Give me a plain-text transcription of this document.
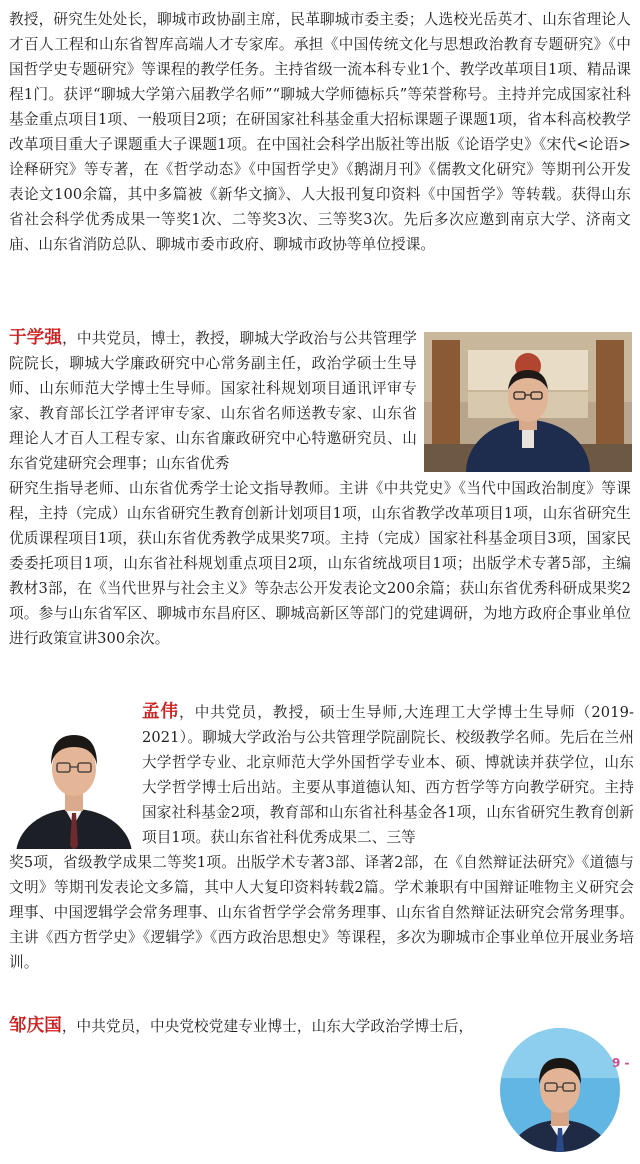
教授，研究生处处长，聊城市政协副主席，民革聊城市委主委；人选校光岳英才、山东省理论人才百人工程和山东省智库高端人才专家库。承担《中国传统文化与思想政治教育专题研究》《中国哲学史专题研究》等课程的教学任务。主持省级一流本科专业1个、教学改革项目1项、精品课程1门。获评“聊城大学第六届教学名师”“聊城大学师德标兵”等荣誉称号。主持并完成国家社科基金重点项目1项、一般项目2项；在研国家社科基金重大招标课题子课题1项，省本科高校教学改革项目重大子课题重大子课题1项。在中国社会科学出版社等出版《论语学史》《宋代<论语>诠释研究》等专著，在《哲学动态》《中国哲学史》《鹅湖月刊》《儒教文化研究》等期刊公开发表论文100余篇，其中多篇被《新华文摘》、人大报刊复印资料《中国哲学》等转载。获得山东省社会科学优秀成果一等奖1次、二等奖3次、三等奖3次。先后多次应邀到南京大学、济南文庙、山东省消防总队、聊城市委市政府、聊城市政协等单位授课。

于学强，中共党员，博士，教授，聊城大学政治与公共管理学院院长，聊城大学廉政研究中心常务副主任，政治学硕士生导师、山东师范大学博士生导师。国家社科规划项目通讯评审专家、教育部长江学者评审专家、山东省名师送教专家、山东省理论人才百人工程专家、山东省廉政研究中心特邀研究员、山东省党建研究会理事；山东省优秀

研究生指导老师、山东省优秀学士论文指导教师。主讲《中共党史》《当代中国政治制度》等课程，主持（完成）山东省研究生教育创新计划项目1项，山东省教学改革项目1项，山东省研究生优质课程项目1项，获山东省优秀教学成果奖7项。主持（完成）国家社科基金项目3项，国家民委委托项目1项，山东省社科规划重点项目2项，山东省统战项目1项；出版学术专著5部，主编教材3部，在《当代世界与社会主义》等杂志公开发表论文200余篇；获山东省优秀科研成果奖2项。参与山东省军区、聊城市东昌府区、聊城高新区等部门的党建调研，为地方政府企事业单位进行政策宣讲300余次。

孟伟，中共党员，教授，硕士生导师,大连理工大学博士生导师（2019-2021）。聊城大学政治与公共管理学院副院长、校级教学名师。先后在兰州大学哲学专业、北京师范大学外国哲学专业本、硕、博就读并获学位，山东大学哲学博士后出站。主要从事道德认知、西方哲学等方向教学研究。主持国家社科基金2项，教育部和山东省社科基金各1项，山东省研究生教育创新项目1项。获山东省社科优秀成果二、三等

奖5项，省级教学成果二等奖1项。出版学术专著3部、译著2部，在《自然辩证法研究》《道德与文明》等期刊发表论文多篇，其中人大复印资料转载2篇。学术兼职有中国辩证唯物主义研究会理事、中国逻辑学会常务理事、山东省哲学学会常务理事、山东省自然辩证法研究会常务理事。主讲《西方哲学史》《逻辑学》《西方政治思想史》等课程，多次为聊城市企事业单位开展业务培训。

邹庆国，中共党员，中央党校党建专业博士，山东大学政治学博士后，

9 -
